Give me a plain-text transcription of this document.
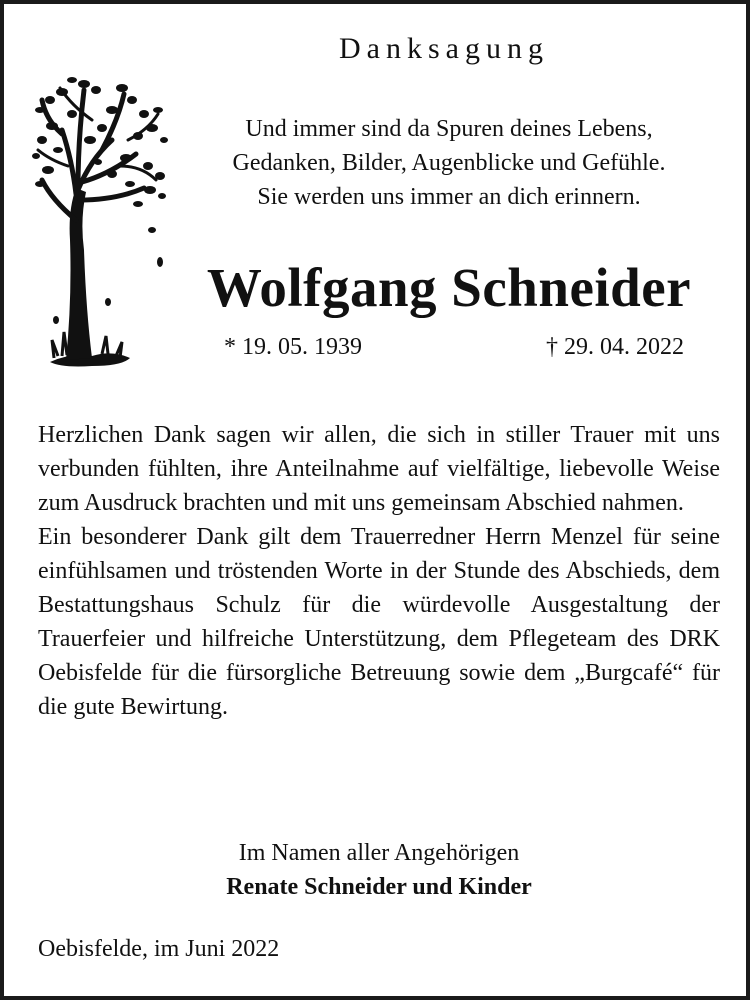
Danksagung
Und immer sind da Spuren deines Lebens,
Gedanken, Bilder, Augenblicke und Gefühle.
Sie werden uns immer an dich erinnern.
Wolfgang Schneider
* 19. 05. 1939	† 29. 04. 2022

Herzlichen Dank sagen wir allen, die sich in stiller Trauer mit uns verbunden fühlten, ihre Anteilnahme auf vielfältige, liebevolle Weise zum Ausdruck brachten und mit uns gemeinsam Abschied nahmen.

Ein besonderer Dank gilt dem Trauerredner Herrn Menzel für seine einfühlsamen und tröstenden Worte in der Stunde des Abschieds, dem Bestattungshaus Schulz für die würdevolle Ausgestaltung der Trauerfeier und hilfreiche Unterstützung, dem Pflegeteam des DRK Oebisfelde für die fürsorgliche Betreuung sowie dem „Burgcafé“ für die gute Bewirtung.

Im Namen aller Angehörigen
Renate Schneider und Kinder
Oebisfelde, im Juni 2022
